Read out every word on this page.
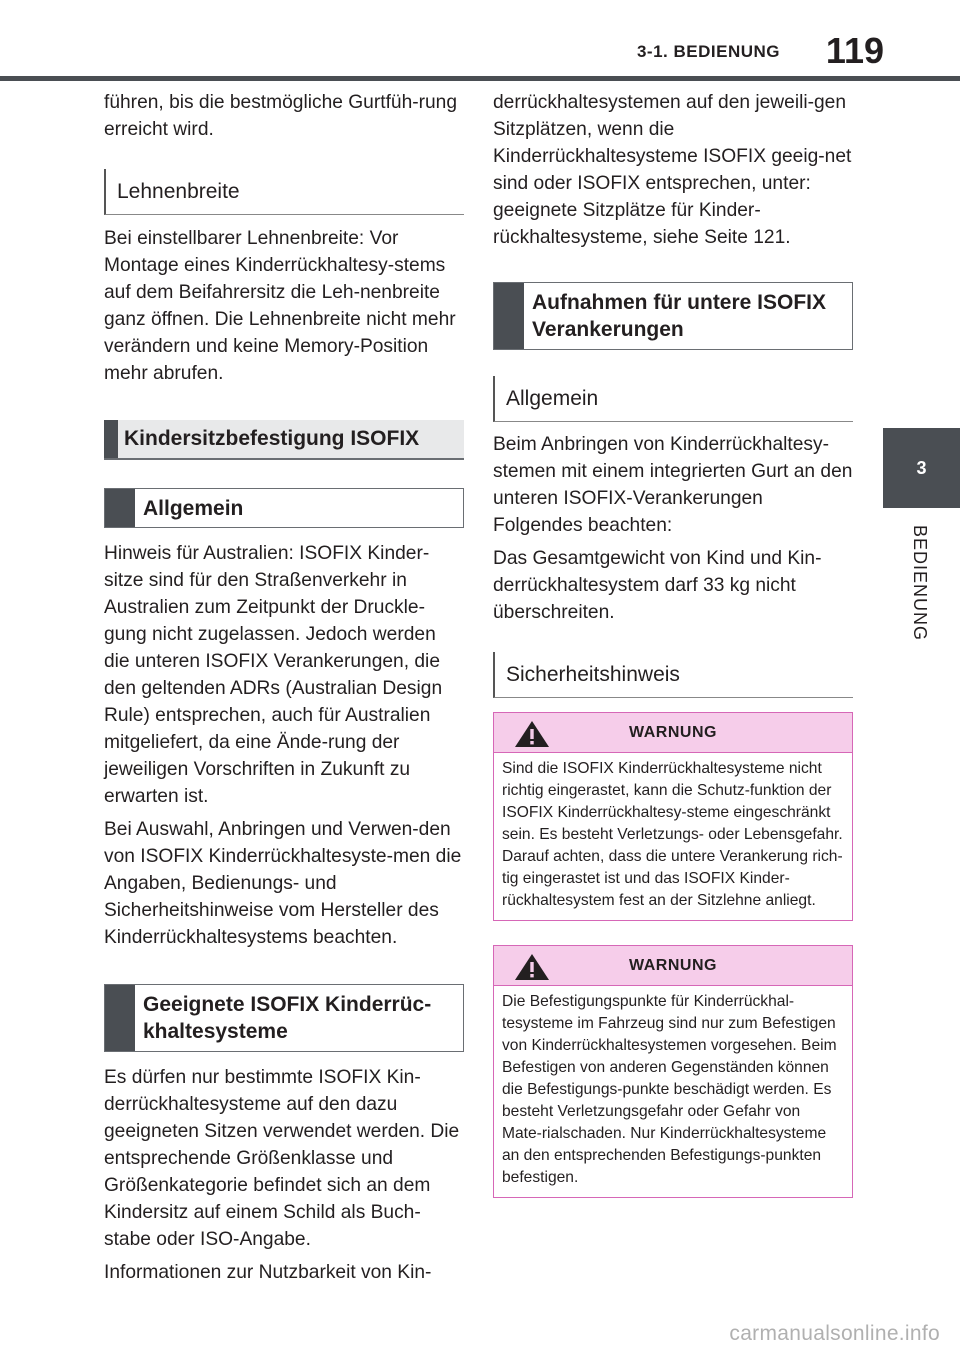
3-1. BEDIENUNG 119
3
BEDIENUNG

führen, bis die bestmögliche Gurtfüh-rung erreicht wird.

Lehnenbreite

Bei einstellbarer Lehnenbreite: Vor Montage eines Kinderrückhaltesy-stems auf dem Beifahrersitz die Leh-nenbreite ganz öffnen. Die Lehnenbreite nicht mehr verändern und keine Memory-Position mehr abrufen.

Kindersitzbefestigung ISOFIX
Allgemein

Hinweis für Australien: ISOFIX Kinder-sitze sind für den Straßenverkehr in Australien zum Zeitpunkt der Druckle-gung nicht zugelassen. Jedoch werden die unteren ISOFIX Verankerungen, die den geltenden ADRs (Australian Design Rule) entsprechen, auch für Australien mitgeliefert, da eine Ände-rung der jeweiligen Vorschriften in Zukunft zu erwarten ist.

Bei Auswahl, Anbringen und Verwen-den von ISOFIX Kinderrückhaltesyste-men die Angaben, Bedienungs- und Sicherheitshinweise vom Hersteller des Kinderrückhaltesystems beachten.

Geeignete ISOFIX Kinderrüc-khaltesysteme

Es dürfen nur bestimmte ISOFIX Kin-derrückhaltesysteme auf den dazu geeigneten Sitzen verwendet werden. Die entsprechende Größenklasse und Größenkategorie befindet sich an dem Kindersitz auf einem Schild als Buch-stabe oder ISO-Angabe.

Informationen zur Nutzbarkeit von Kin-

derrückhaltesystemen auf den jeweili-gen Sitzplätzen, wenn die Kinderrückhaltesysteme ISOFIX geeig-net sind oder ISOFIX entsprechen, unter: geeignete Sitzplätze für Kinder-rückhaltesysteme, siehe Seite 121.

Aufnahmen für untere ISOFIX Verankerungen
Allgemein

Beim Anbringen von Kinderrückhaltesy-stemen mit einem integrierten Gurt an den unteren ISOFIX-Verankerungen Folgendes beachten:

Das Gesamtgewicht von Kind und Kin-derrückhaltesystem darf 33 kg nicht überschreiten.

Sicherheitshinweis
WARNUNG
Sind die ISOFIX Kinderrückhaltesysteme nicht richtig eingerastet, kann die Schutz-funktion der ISOFIX Kinderrückhaltesy-steme eingeschränkt sein. Es besteht Verletzungs- oder Lebensgefahr. Darauf achten, dass die untere Verankerung rich-tig eingerastet ist und das ISOFIX Kinder-rückhaltesystem fest an der Sitzlehne anliegt.
WARNUNG
Die Befestigungspunkte für Kinderrückhal-tesysteme im Fahrzeug sind nur zum Befestigen von Kinderrückhaltesystemen vorgesehen. Beim Befestigen von anderen Gegenständen können die Befestigungs-punkte beschädigt werden. Es besteht Verletzungsgefahr oder Gefahr von Mate-rialschaden. Nur Kinderrückhaltesysteme an den entsprechenden Befestigungs-punkten befestigen.
carmanualsonline.info
